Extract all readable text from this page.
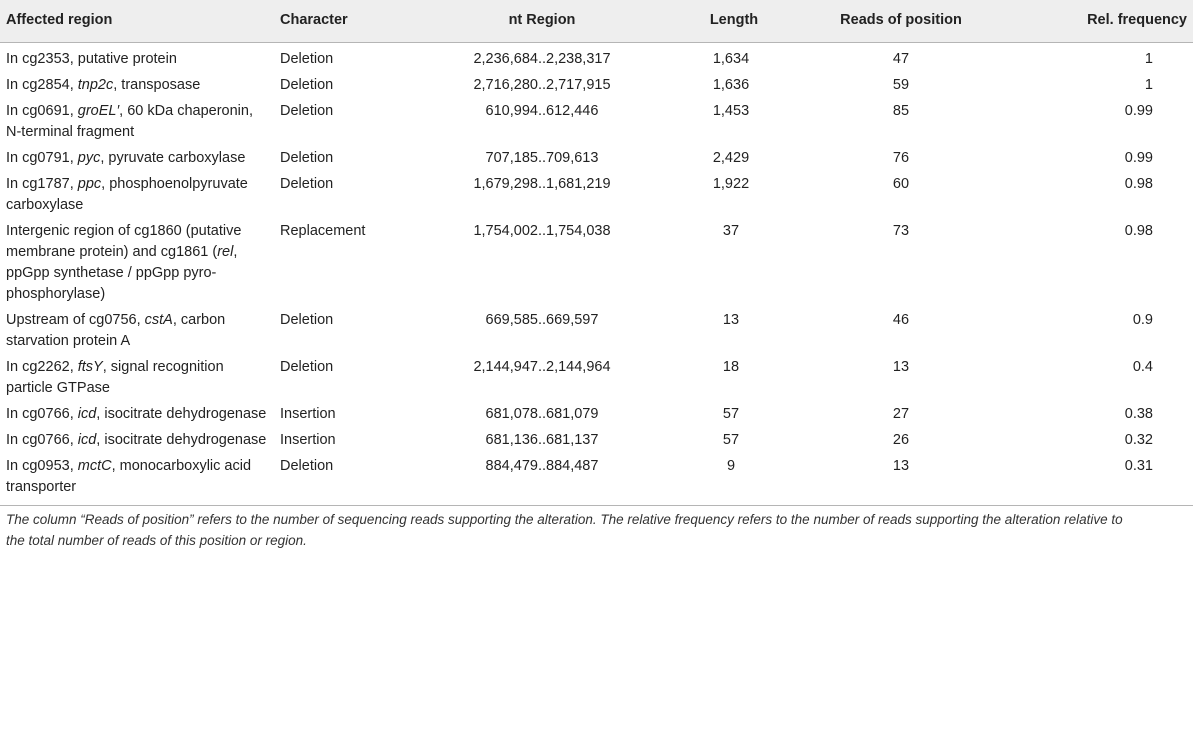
Affected region	Character	nt Region	Length	Reads of position	Rel. frequency
In cg2353, putative protein	Deletion	2,236,684..2,238,317	1,634	47	1
In cg2854, tnp2c, transposase	Deletion	2,716,280..2,717,915	1,636	59	1
In cg0691, groEL′, 60 kDa chaperonin, N-terminal fragment	Deletion	610,994..612,446	1,453	85	0.99
In cg0791, pyc, pyruvate carboxylase	Deletion	707,185..709,613	2,429	76	0.99
In cg1787, ppc, phosphoenolpyruvate carboxylase	Deletion	1,679,298..1,681,219	1,922	60	0.98
Intergenic region of cg1860 (putative membrane protein) and cg1861 (rel, ppGpp synthetase / ppGpp pyro-phosphorylase)	Replacement	1,754,002..1,754,038	37	73	0.98
Upstream of cg0756, cstA, carbon starvation protein A	Deletion	669,585..669,597	13	46	0.9
In cg2262, ftsY, signal recognition particle GTPase	Deletion	2,144,947..2,144,964	18	13	0.4
In cg0766, icd, isocitrate dehydrogenase	Insertion	681,078..681,079	57	27	0.38
In cg0766, icd, isocitrate dehydrogenase	Insertion	681,136..681,137	57	26	0.32
In cg0953, mctC, monocarboxylic acid transporter	Deletion	884,479..884,487	9	13	0.31
The column “Reads of position” refers to the number of sequencing reads supporting the alteration. The relative frequency refers to the number of reads supporting the alteration relative to the total number of reads of this position or region.
